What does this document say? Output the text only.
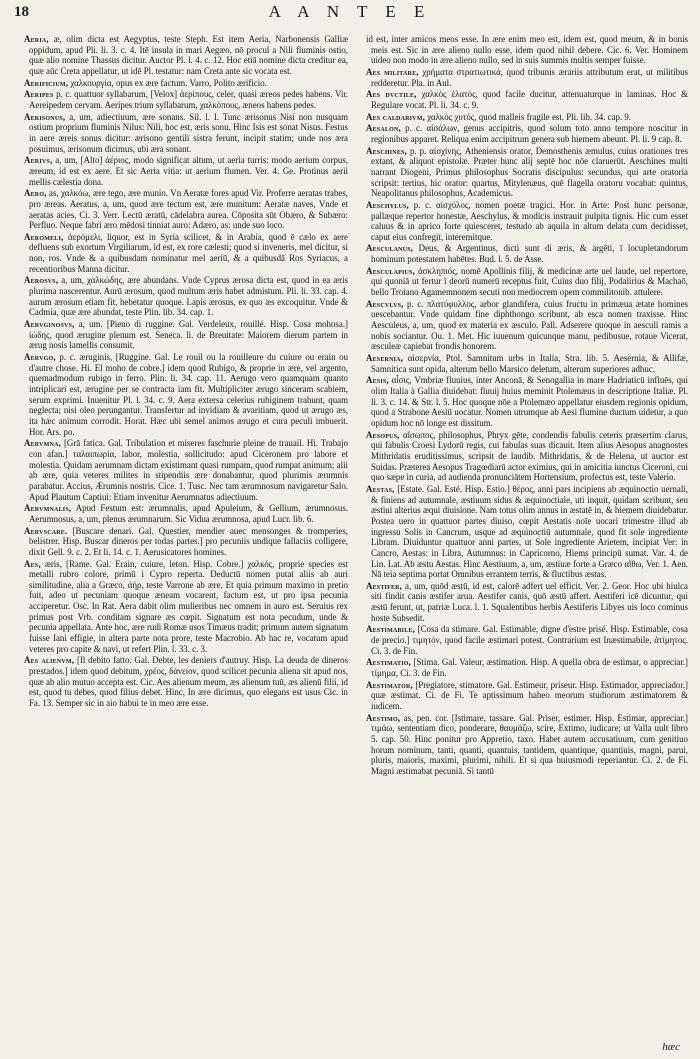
18	A A N T E E

Aeria, æ, olim dicta est Aegyptus, teste Steph. Est item Aeria, Narbonensis Galliæ oppidum, apud Pli. li. 3. c. 4. Itē insula in mari Aegæo, nō procul a Nili fluminis ostio, quæ alio nomine Thassus dicitur. Auctor Pl. l. 4. c. 12. Hoc etiā nomine dicta creditur ea, quæ aūc Creta appellatur, ut idē Pl. testatur: nam Creta ante sic vocata est.

Aerificium, χαλκουργία, opus ex ære factum. Varro, Polito ærificio.

Aeripes p. c. quattuor syllabarum, [Velox] ἀερίπους, celer, quasi æreos pedes habens. Vir. Aereipedem cervam. Aeripes trium syllabarum, χαλκόπους, æneos habens pedes.

Aerisonus, a, um, adiectiuum, ære sonans. Sil. l. I. Tunc ærisonus Nisi non nusquam ostium proprium fluminis Nilus: Nili, hoc est, æris sonu. Hinc Isis est sonat Nisus. Festus in aere æreis sonus dicitur: ærisono gentili sistra ferunt, incipit statim; unde nos æra posuimus, ærisonum dicimus, ubi æra sonant.

Aerivs, a, um, [Alto] ἀέριος, modo significat altum, ut aeria turris: modo aerium corpus, æreum, id est ex aere. Et sic Aeria vitia: ut aerium flumen. Ver. 4. Ge. Protinus aerii mellis cælestia dona.

Aero, as, χαλκόω, ære tego, ære munio. Vn Aeratæ fores apud Vir. Proferre aeratas trabes, pro æreas. Aeratus, a, um, quod ære tectum est, ære munitum: Aeratæ naves, Vnde et aeratas acies. Ci. 3. Verr. Lectū æratū, cādelabra aurea. Cōposita sūt Obæro, & Subæro: Perfluo. Neque fabri æro mēdosi tinniat auro: Adæro, as: unde suo loco.

Aeromeli, ἀερόμελι, liquor, est in Syria scilicet, & in Arabia, quod ē cælo ex aere defluens sub exortum Virgiliarum, id est, ex rore cælesti; quod si inveneris, mel dicitur, si non, ros. Vnde & a quibusdam nominatur mel aeriū, & a quibusdā Ros Syriacus, a recentioribus Manna dicitur.

Aerosvs, a, um, χαλκώδης, ære abundans. Vnde Cyprus ærosa dicta est, quod in ea æris plurima nascerentur. Aurū ærosum, quod multum æris habet admistum. Pli. li. 33. cap. 4. aurum ærosum etiam fit, hebetatur quoque. Lapis ærosus, ex quo æs excoquitur. Vnde & Cadmia, quæ ære abundat, teste Plin. lib. 34. cap. 1.

Aervginosvs, a, um. [Pieno di ruggine. Gal. Verdeleux, rouillé. Hisp. Cosa mohosa.] ἰώδης, quod ærugine plenum est. Seneca. li. de Breuitate: Maiorem dierum partem in ærug nosis lamellis consumit.

Aervgo, p. c. æruginis, [Ruggine. Gal. Le rouil ou la rouilleure du cuiure ou erain ou d'autre chose. Hi. El moho de cobre.] idem quod Rubigo, & proprie in ære, vel argento, quemadmodum rubigo in ferro. Plin. li. 34. cap. 11. Aerugo vero quamquam quanto intriplicari est, ærugine per se contracta iam fit. Multipliciter ærugo sinceram scabiem, serum exprimi. Inuenitur Pl. l. 34. c. 9. Aera extersa celerius rubiginem trahunt, quam neglecta; nisi oleo perungantur. Transfertur ad invidiam & avaritiam, quod ut ærugo æs, ita hæc animum corrodit. Horat. Hæc ubi semel animos ærugo et cura peculi imbuerit. Hor. Ars. po.

Aervmna, [Grā fatica. Gal. Tribulation et miseres faschurie pleine de trauail. Hi. Trabajo con afan.] ταλαιπωρία, labor, molestia, sollicitudo: apud Ciceronem pro labore et molestia. Quidam aerumnam dictam existimant quasi rumpam, quod rumpat animum; alii ab ære, quia veteres milites in stipendiis ære donabantur, quod plurimis ærumnis parabatur. Accius, Ærumnis nostris. Cice. 1. Tusc. Nec tam ærumnosum navigaretur Salo. Apud Plautum Captiui: Etiam invenitur Aerumnatus adiectiuum.

Aervmnalis, Apud Festum est: ærumnalis, apud Apuleium, & Gellium, ærumnosus. Aerumnosus, a, um, plenus ærumnarum. Sic Vidua ærumnosa, apud Lucr. lib. 6.

Aervscare. [Buscare denari. Gal. Questier, mendier auec mensonges & tromperies, belistrer. Hisp. Buscar dineros per todas partes.] pro pecuniis undique fallaciis colligere, dixit Gell. 9. c. 2. Et li. 14. c. 1. Aerusicatores homines.

Aes, æris, [Rame. Gal. Erain, cuiure, leton. Hisp. Cobre.] χαλκός, proprie species est metalli rubro colore, primū i Cypro reperta. Deductū nomen putat aliis ab auri similitudine, alia a Græco, ἀήρ, teste Varrone ab ære. Et quia primum maximo in pretio fuit, adeo ut pecuniam quoque æneam vocarent, factum est, ut pro ipsa pecunia acciperetur. Osc. In Rat. Aera dabit olim mulieribus nec omnem in auro est. Seruius rex primus post Vrb. conditam signare æs cœpit. Signatum est nota pecudum, unde & pecunia appellata. Ante hoc, ære rudi Romæ usos Timæus tradit; primum autem signatum fuisse Iani effigie, in altera parte nota prore, teste Macrobio. Ab hac re, vocatum apud veteres pro capite & navi, ut refert Plin. l. 33. c. 3.

Aes alienvm, [Il debito fatto. Gal. Debte, les deniers d'autruy. Hisp. La deuda de dineros prestados.] idem quod debitum, χρέος, δάνειον, quod scilicet pecunia aliena sit apud nos, quæ ab alio mutuo accepta est. Cic. Aes alienum meum, æs alienum tuū, æs alienū filii, id est, quod tu debes, quod filius debet. Hinc, In ære dicimus, quo elegans est usus Cic. in Fa. 13. Semper sic in aio habui te in meo ære esse.

id est, inter amicos meos esse. In ære enim meo est, idem est, quod meum, & in bonis meis est. Sic in ære alieno nullo esse, idem quod nihil debere. Cic. 6. Ver. Hominem uideo non modo in ære alieno nullo, sed in suis summis multis semper fuisse.

Aes militare, χρήματα στρατιωτικά, quod tribunis ærariis attributum erat, ut militibus redderetur. Pla. in Aul.

Aes dvctile, χαλκὸς ἐλατός, quod facile ducitur, attenuaturque in laminas. Hoc & Regulare vocat. Pl. li. 34. c. 9.

Aes caldarivm, χαλκὸς χυτός, quod malleis fragile est. Pli. lib. 34. cap. 9.

Aesalon, p. c. αἰσάλων, genus accipitris, quod solum toto anno tempore noscitur in regionibus apparet. Reliqua enim accipitrum genera sub hiemem abeunt. Pl. li. 9 cap. 8.

Aeschines, p. p. αἰσχίνης, Atheniensis orator, Demosthenis æmulus, cuius orationes tres extant, & aliquot epistolæ. Præter hunc alij septē hoc nōe claruerūt. Aeschines multi narrant Diogeni, Primus philosophus Socratis discipulus: secundus, qui arte oratoria scripsit: tertius, hic orator: quartus, Mitylenæus, quē flagella oratoru vocabat: quintus, Neapolitanus philosophus, Academicus.

Aeschylus, p. c. αἰσχύλος, nomen poetæ tragici. Hor. in Arte: Post hunc personæ, pallæque repertor honestæ, Aeschylus, & modicis instrauit pulpita tignis. Hic cum esset caluus & in aprico forte quiesceret, testudo ab aquila in altum delata cum decidisset, caput eius confregit, interemitque.

Aesculanus, Deus, & Argentinus, dicti sunt di æris, & argēti, ī locupletandorum hominum potestatem habētes. Bud. l. 5. de Asse.

Aesculapius, ἀσκληπιός, nomē Apollinis filij, & medicinæ arte uel laude, uel repertore, qui quoniā ut fertur ī deorū numerū receptus fuit, Cuius duo filij, Podalirius & Machaō, bello Troiano Agamemnonem secuti non mediocrem opem commilitonib. attulere.

Aescvlvs, p. c. πλατύφυλλος, arbor glandifera, cuius fructu in primæua ætate homines uescebantur. Vnde quidam fine diphthongo scribunt, ab esca nomen traxisse. Hinc Aesculeus, a, um, quod ex materia ex æsculo. Pall. Adserere quoque in aesculi ramis a nobis sociantur. Ou. 1. Met. Hic iuuenum quicunque manu, pedibusue, rotaue Vicerat, æsculeæ capiebat frondis honorem.

Aesernia, αἰσερνία, Ptol. Samnitum urbs in Italia, Stra. lib. 5. Aesernia, & Allifæ, Samnitica sunt opida, alterum bello Marsico deletum, alterum superiores adhuc.

Aesis, αἶσις, Vmbriæ fluuius, inter Anconā, & Senogallia in mare Hadriaticū influēs, qui olim Italia à Gallia diuidebat: fluuij huius meminit Ptolemæus in descriptione Italiæ. Pl. li. 3. c. 14. & Str. l. 5. Hoc quoque nōe a Ptolemæo appellatur eiusdem regionis opidum, quod a Strabone Aesiū uocatur. Nomen utrumque ab Aesi flumine ductum uidetur, a quo opidum hoc nō longe est dissitum.

Aesopus, αἴσωπος, philosophus, Phryx gēte, condendis fabulis ceteris præsertim clarus, qui fabulis Croesi Lydorū regis, cui fabulas suas dicauit. Item alius Aesopus anagnostes Mithridatis eruditissimus, scripsit de laudib. Mithridatis, & de Helena, ut auctor est Suidas. Præterea Aesopus Tragœdiarū actor eximius, qui in amicitia iunctus Ciceroni, cui quo sæpe in curia, ad audienda pronunciātem Hortensium, profectus est, teste Valerio.

Aestas, [Estate. Gal. Esté. Hisp. Estio.] θέρος, anni pars incipiens ab æquinoctio uernali, & finiens ad autumnale, æstiuum sidus & æquinoctiale, uti inquit, quidam scribunt, seu æstiui alterius æqui diuisione. Nam totus olim annus in æstatē in, & hiemem diuidebatur. Postea uero in quattuor partes diuiso, cœpit Aestatis noīe uocari trimestre illud ab ingressu Solis in Cancrum, usque ad æquinoctiū autumnale, quod fit sole ingrediente Libram. Diuiduntur quattuor anni partes, ut Sole ingrediente Arietem, incipiat Ver: in Cancro, Aestas: in Libra, Autumnus: in Capricorno, Hiems principū sumat. Var. 4. de Lin. Lat. Ab æstu Aestas. Hinc Aestiuum, a, um, æstiuæ forte a Græco αἴθω, Ver. 1. Aen. Nā teia septima portat Omnibus errantem terris, & fluctibus æstas.

Aestifer, a, um, quōd æstū, id est, calorē adfert uel efficit. Ver. 2. Geor. Hoc ubi hiulca siti findit canis æstifer arua. Aestifer canis, quō æstū affert. Aestiferi icē dicuntur, qui æstū ferunt, ut, patriæ Luca. l. 1. Squalentibus herbis Aestiferis Libyes uis loco cominus hoste Subsedit.

Aestimabile, [Cosa da stimare. Gal. Estimable, digne d'estre prisé. Hisp. Estimable, cosa de precio.] τιμητόν, quod facile æstimari potest. Contrarium est Inæstimabile, ἀτίμητος. Ci. 3. de Fin.

Aestimatio, [Stima. Gal. Valeur, æstimation. Hisp. A quella obra de estimar, o appreciar.] τίμημα, Ci. 3. de Fin.

Aestimator, [Pregiatore, stimatore. Gal. Estimeur, priseur. Hisp. Estimador, appreciador.] quæ æstimat. Ci. de Fi. Te aptissimum habeo meorum studiorum æstimatorem & iudicem.

Aestimo, as, pen. cor. [Istimare, tassare. Gal. Priser, estimer. Hisp. Estimar, appreciar.] τιμάω, sententiam dico, ponderare, θαυμάζω, scire, Extimo, iudicare; ut Valla uult libro 5. cap. 50. Hinc ponitur pro Appretio, taxo. Habet autem accusatiuum, cum genitiuo horum nominum, tanti, quanti, quantuis, tantidem, quantique, quantiuis, magni, parui, pluris, maioris, maximi, plurimi, nihili. Et si qua huiusmodi reperiantur. Ci. 2. de Fi. Magni æstimabat pecuniā. Si tantū

hæc
